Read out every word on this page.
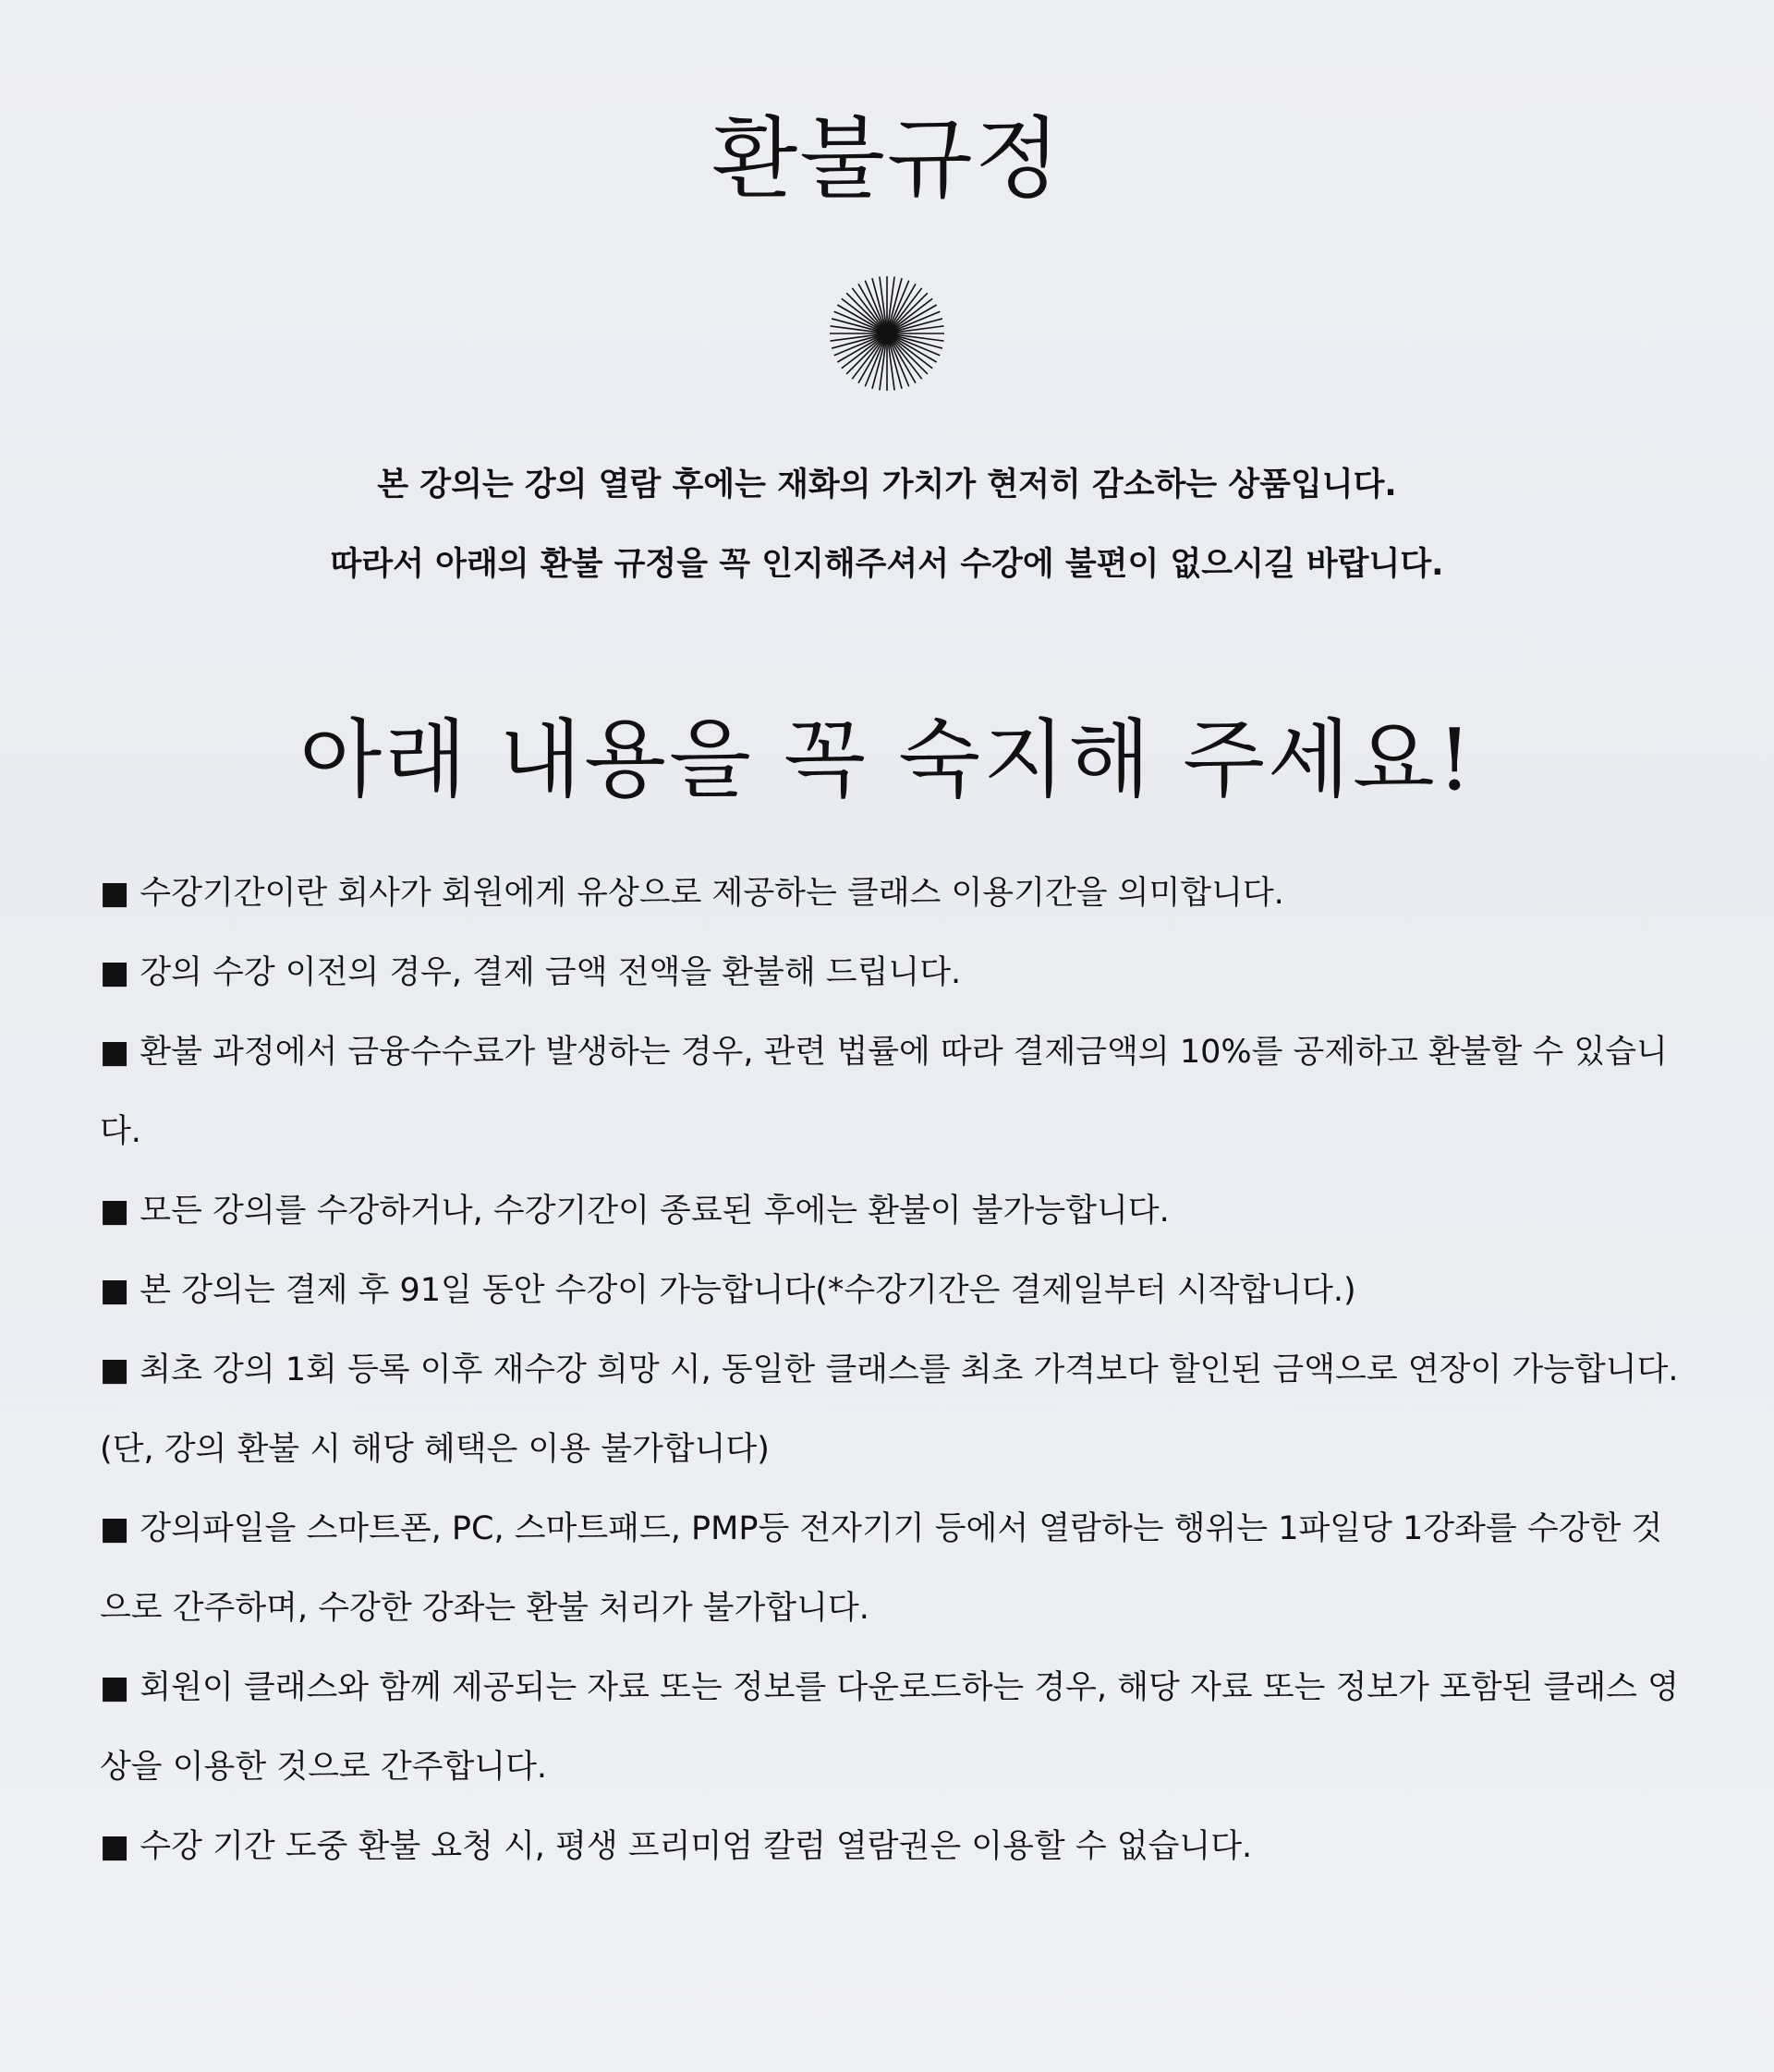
환불규정

본 강의는 강의 열람 후에는 재화의 가치가 현저히 감소하는 상품입니다.

따라서 아래의 환불 규정을 꼭 인지해주셔서 수강에 불편이 없으시길 바랍니다.

아래 내용을 꼭 숙지해 주세요!
■ 수강기간이란 회사가 회원에게 유상으로 제공하는 클래스 이용기간을 의미합니다.
■ 강의 수강 이전의 경우, 결제 금액 전액을 환불해 드립니다.
■ 환불 과정에서 금융수수료가 발생하는 경우, 관련 법률에 따라 결제금액의 10%를 공제하고 환불할 수 있습니다.
■ 모든 강의를 수강하거나, 수강기간이 종료된 후에는 환불이 불가능합니다.
■ 본 강의는 결제 후 91일 동안 수강이 가능합니다(*수강기간은 결제일부터 시작합니다.)
■ 최초 강의 1회 등록 이후 재수강 희망 시, 동일한 클래스를 최초 가격보다 할인된 금액으로 연장이 가능합니다.(단, 강의 환불 시 해당 혜택은 이용 불가합니다)
■ 강의파일을 스마트폰, PC, 스마트패드, PMP등 전자기기 등에서 열람하는 행위는 1파일당 1강좌를 수강한 것으로 간주하며, 수강한 강좌는 환불 처리가 불가합니다.
■ 회원이 클래스와 함께 제공되는 자료 또는 정보를 다운로드하는 경우, 해당 자료 또는 정보가 포함된 클래스 영상을 이용한 것으로 간주합니다.
■ 수강 기간 도중 환불 요청 시, 평생 프리미엄 칼럼 열람권은 이용할 수 없습니다.
